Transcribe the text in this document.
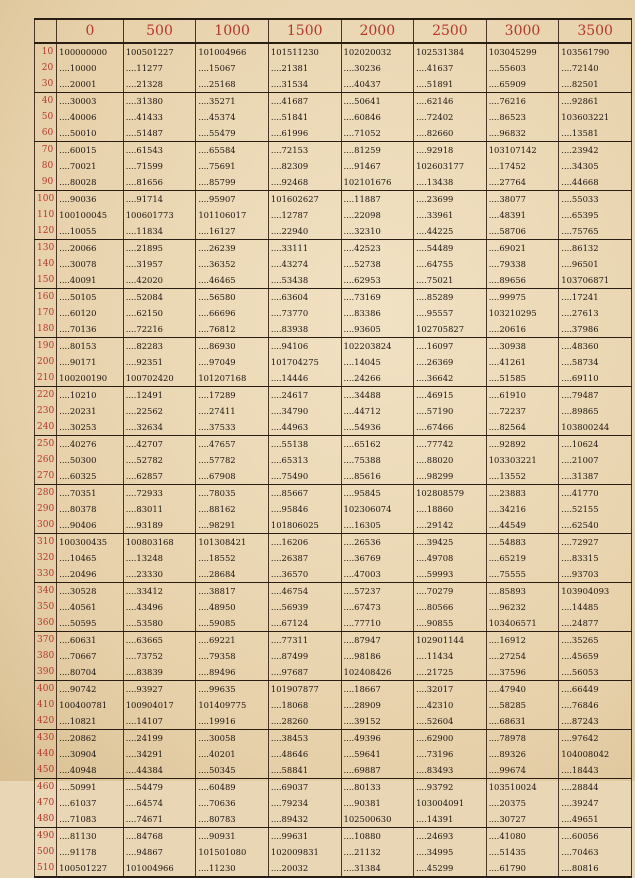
	0	500	1000	1500	2000	2500	3000	3500
10	100000000	100501227	101004966	101511230	102020032	102531384	103045299	103561790
20	....10000	....11277	....15067	....21381	....30236	....41637	....55603	....72140
30	....20001	....21328	....25168	....31534	....40437	....51891	....65909	....82501
40	....30003	....31380	....35271	....41687	....50641	....62146	....76216	....92861
50	....40006	....41433	....45374	....51841	....60846	....72402	....86523	103603221
60	....50010	....51487	....55479	....61996	....71052	....82660	....96832	....13581
70	....60015	....61543	....65584	....72153	....81259	....92918	103107142	....23942
80	....70021	....71599	....75691	....82309	....91467	102603177	....17452	....34305
90	....80028	....81656	....85799	....92468	102101676	....13438	....27764	....44668
100	....90036	....91714	....95907	101602627	....11887	....23699	....38077	....55033
110	100100045	100601773	101106017	....12787	....22098	....33961	....48391	....65395
120	....10055	....11834	....16127	....22940	....32310	....44225	....58706	....75765
130	....20066	....21895	....26239	....33111	....42523	....54489	....69021	....86132
140	....30078	....31957	....36352	....43274	....52738	....64755	....79338	....96501
150	....40091	....42020	....46465	....53438	....62953	....75021	....89656	103706871
160	....50105	....52084	....56580	....63604	....73169	....85289	....99975	....17241
170	....60120	....62150	....66696	....73770	....83386	....95557	103210295	....27613
180	....70136	....72216	....76812	....83938	....93605	102705827	....20616	....37986
190	....80153	....82283	....86930	....94106	102203824	....16097	....30938	....48360
200	....90171	....92351	....97049	101704275	....14045	....26369	....41261	....58734
210	100200190	100702420	101207168	....14446	....24266	....36642	....51585	....69110
220	....10210	....12491	....17289	....24617	....34488	....46915	....61910	....79487
230	....20231	....22562	....27411	....34790	....44712	....57190	....72237	....89865
240	....30253	....32634	....37533	....44963	....54936	....67466	....82564	103800244
250	....40276	....42707	....47657	....55138	....65162	....77742	....92892	....10624
260	....50300	....52782	....57782	....65313	....75388	....88020	103303221	....21007
270	....60325	....62857	....67908	....75490	....85616	....98299	....13552	....31387
280	....70351	....72933	....78035	....85667	....95845	102808579	....23883	....41770
290	....80378	....83011	....88162	....95846	102306074	....18860	....34216	....52155
300	....90406	....93189	....98291	101806025	....16305	....29142	....44549	....62540
310	100300435	100803168	101308421	....16206	....26536	....39425	....54883	....72927
320	....10465	....13248	....18552	....26387	....36769	....49708	....65219	....83315
330	....20496	....23330	....28684	....36570	....47003	....59993	....75555	....93703
340	....30528	....33412	....38817	....46754	....57237	....70279	....85893	103904093
350	....40561	....43496	....48950	....56939	....67473	....80566	....96232	....14485
360	....50595	....53580	....59085	....67124	....77710	....90855	103406571	....24877
370	....60631	....63665	....69221	....77311	....87947	102901144	....16912	....35265
380	....70667	....73752	....79358	....87499	....98186	....11434	....27254	....45659
390	....80704	....83839	....89496	....97687	102408426	....21725	....37596	....56053
400	....90742	....93927	....99635	101907877	....18667	....32017	....47940	....66449
410	100400781	100904017	101409775	....18068	....28909	....42310	....58285	....76846
420	....10821	....14107	....19916	....28260	....39152	....52604	....68631	....87243
430	....20862	....24199	....30058	....38453	....49396	....62900	....78978	....97642
440	....30904	....34291	....40201	....48646	....59641	....73196	....89326	104008042
450	....40948	....44384	....50345	....58841	....69887	....83493	....99674	....18443
460	....50991	....54479	....60489	....69037	....80133	....93792	103510024	....28844
470	....61037	....64574	....70636	....79234	....90381	103004091	....20375	....39247
480	....71083	....74671	....80783	....89432	102500630	....14391	....30727	....49651
490	....81130	....84768	....90931	....99631	....10880	....24693	....41080	....60056
500	....91178	....94867	101501080	102009831	....21132	....34995	....51435	....70463
510	100501227	101004966	....11230	....20032	....31384	....45299	....61790	....80816
